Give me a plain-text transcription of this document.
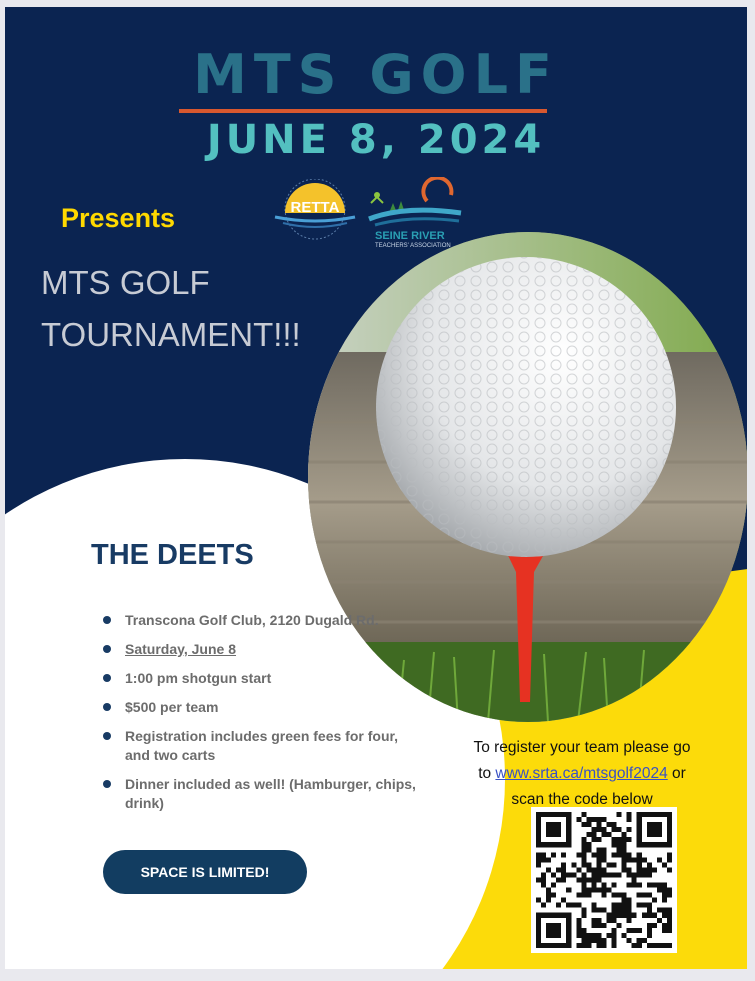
MTS GOLF
JUNE 8, 2024
RETTA
SEINE RIVER
TEACHERS' ASSOCIATION
Presents
MTS GOLF
TOURNAMENT!!!
THE DEETS
Transcona Golf Club, 2120 Dugald Rd.
Saturday, June 8
1:00 pm shotgun start
$500 per team
Registration includes green fees for four, and two carts
Dinner included as well! (Hamburger, chips, drink)
SPACE IS LIMITED!
To register your team please go to www.srta.ca/mtsgolf2024 or scan the code below
